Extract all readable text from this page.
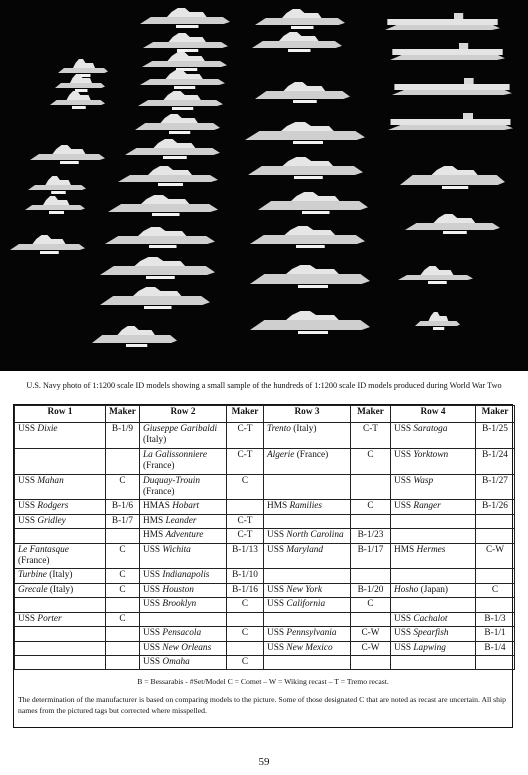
U.S. Navy photo of 1:1200 scale ID models showing a small sample of the hundreds of 1:1200 scale ID models produced during World War Two
Row 1	Maker	Row 2	Maker	Row 3	Maker	Row 4	Maker
USS Dixie	B-1/9	Giuseppe Garibaldi (Italy)	C-T	Trento (Italy)	C-T	USS Saratoga	B-1/25
		La Galissonniere (France)	C-T	Algerie (France)	C	USS Yorktown	B-1/24
USS Mahan	C	Duquay-Trouin (France)	C			USS Wasp	B-1/27
USS Rodgers	B-1/6	HMAS Hobart		HMS Ramilies	C	USS Ranger	B-1/26
USS Gridley	B-1/7	HMS Leander	C-T				
		HMS Adventure	C-T	USS North Carolina	B-1/23		
Le Fantasque (France)	C	USS Wichita	B-1/13	USS Maryland	B-1/17	HMS Hermes	C-W
Turbine (Italy)	C	USS Indianapolis	B-1/10				
Grecale (Italy)	C	USS Houston	B-1/16	USS New York	B-1/20	Hosho (Japan)	C
		USS Brooklyn	C	USS California	C		
USS Porter	C					USS Cachalot	B-1/3
		USS Pensacola	C	USS Pennsylvania	C-W	USS Spearfish	B-1/1
		USS New Orleans		USS New Mexico	C-W	USS Lapwing	B-1/4
		USS Omaha	C				

B = Bessarabis - #Set/Model C = Comet – W = Wiking recast – T = Tremo recast.

The determination of the manufacturer is based on comparing models to the picture. Some of those designated C that are noted as recast are uncertain. All ship names from the pictured tags but corrected where misspelled.

59
